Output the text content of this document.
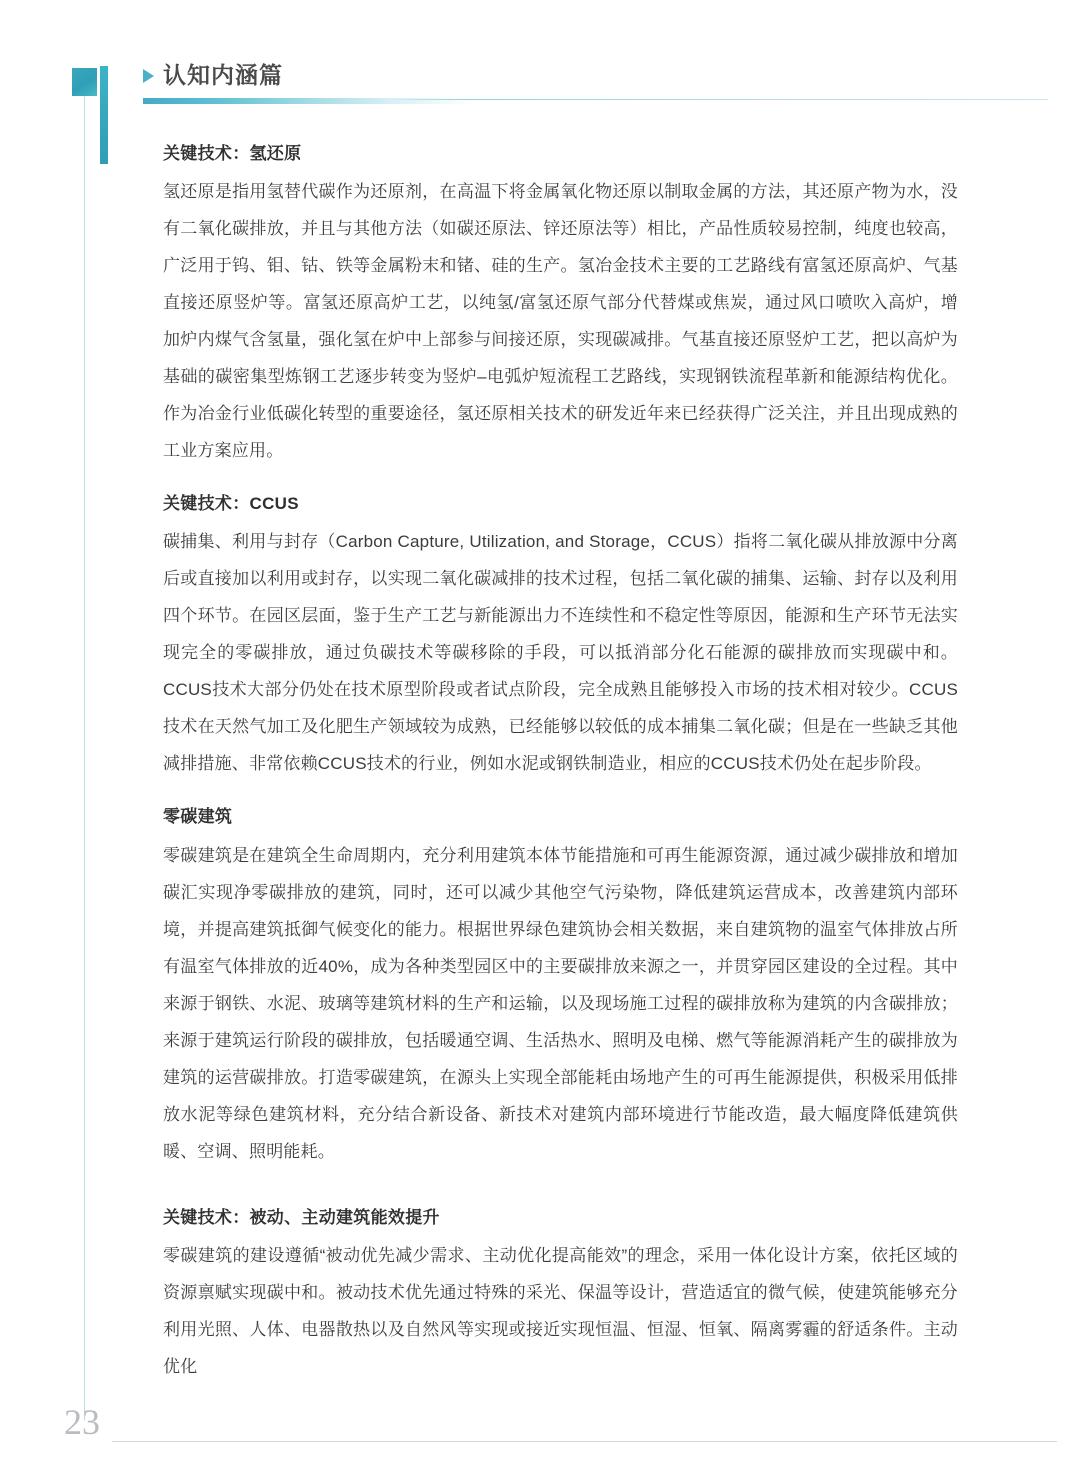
认知内涵篇
关键技术：氢还原

氢还原是指用氢替代碳作为还原剂，在高温下将金属氧化物还原以制取金属的方法，其还原产物为水，没有二氧化碳排放，并且与其他方法（如碳还原法、锌还原法等）相比，产品性质较易控制，纯度也较高，广泛用于钨、钼、钴、铁等金属粉末和锗、硅的生产。氢冶金技术主要的工艺路线有富氢还原高炉、气基直接还原竖炉等。富氢还原高炉工艺，以纯氢/富氢还原气部分代替煤或焦炭，通过风口喷吹入高炉，增加炉内煤气含氢量，强化氢在炉中上部参与间接还原，实现碳减排。气基直接还原竖炉工艺，把以高炉为基础的碳密集型炼钢工艺逐步转变为竖炉–电弧炉短流程工艺路线，实现钢铁流程革新和能源结构优化。作为冶金行业低碳化转型的重要途径，氢还原相关技术的研发近年来已经获得广泛关注，并且出现成熟的工业方案应用。

关键技术：CCUS

碳捕集、利用与封存（Carbon Capture, Utilization, and Storage，CCUS）指将二氧化碳从排放源中分离后或直接加以利用或封存，以实现二氧化碳减排的技术过程，包括二氧化碳的捕集、运输、封存以及利用四个环节。在园区层面，鉴于生产工艺与新能源出力不连续性和不稳定性等原因，能源和生产环节无法实现完全的零碳排放，通过负碳技术等碳移除的手段，可以抵消部分化石能源的碳排放而实现碳中和。CCUS技术大部分仍处在技术原型阶段或者试点阶段，完全成熟且能够投入市场的技术相对较少。CCUS技术在天然气加工及化肥生产领域较为成熟，已经能够以较低的成本捕集二氧化碳；但是在一些缺乏其他减排措施、非常依赖CCUS技术的行业，例如水泥或钢铁制造业，相应的CCUS技术仍处在起步阶段。

零碳建筑

零碳建筑是在建筑全生命周期内，充分利用建筑本体节能措施和可再生能源资源，通过减少碳排放和增加碳汇实现净零碳排放的建筑，同时，还可以减少其他空气污染物，降低建筑运营成本，改善建筑内部环境，并提高建筑抵御气候变化的能力。根据世界绿色建筑协会相关数据，来自建筑物的温室气体排放占所有温室气体排放的近40%，成为各种类型园区中的主要碳排放来源之一，并贯穿园区建设的全过程。其中来源于钢铁、水泥、玻璃等建筑材料的生产和运输，以及现场施工过程的碳排放称为建筑的内含碳排放；来源于建筑运行阶段的碳排放，包括暖通空调、生活热水、照明及电梯、燃气等能源消耗产生的碳排放为建筑的运营碳排放。打造零碳建筑，在源头上实现全部能耗由场地产生的可再生能源提供，积极采用低排放水泥等绿色建筑材料，充分结合新设备、新技术对建筑内部环境进行节能改造，最大幅度降低建筑供暖、空调、照明能耗。

关键技术：被动、主动建筑能效提升

零碳建筑的建设遵循“被动优先减少需求、主动优化提高能效”的理念，采用一体化设计方案，依托区域的资源禀赋实现碳中和。被动技术优先通过特殊的采光、保温等设计，营造适宜的微气候，使建筑能够充分利用光照、人体、电器散热以及自然风等实现或接近实现恒温、恒湿、恒氧、隔离雾霾的舒适条件。主动优化

23
